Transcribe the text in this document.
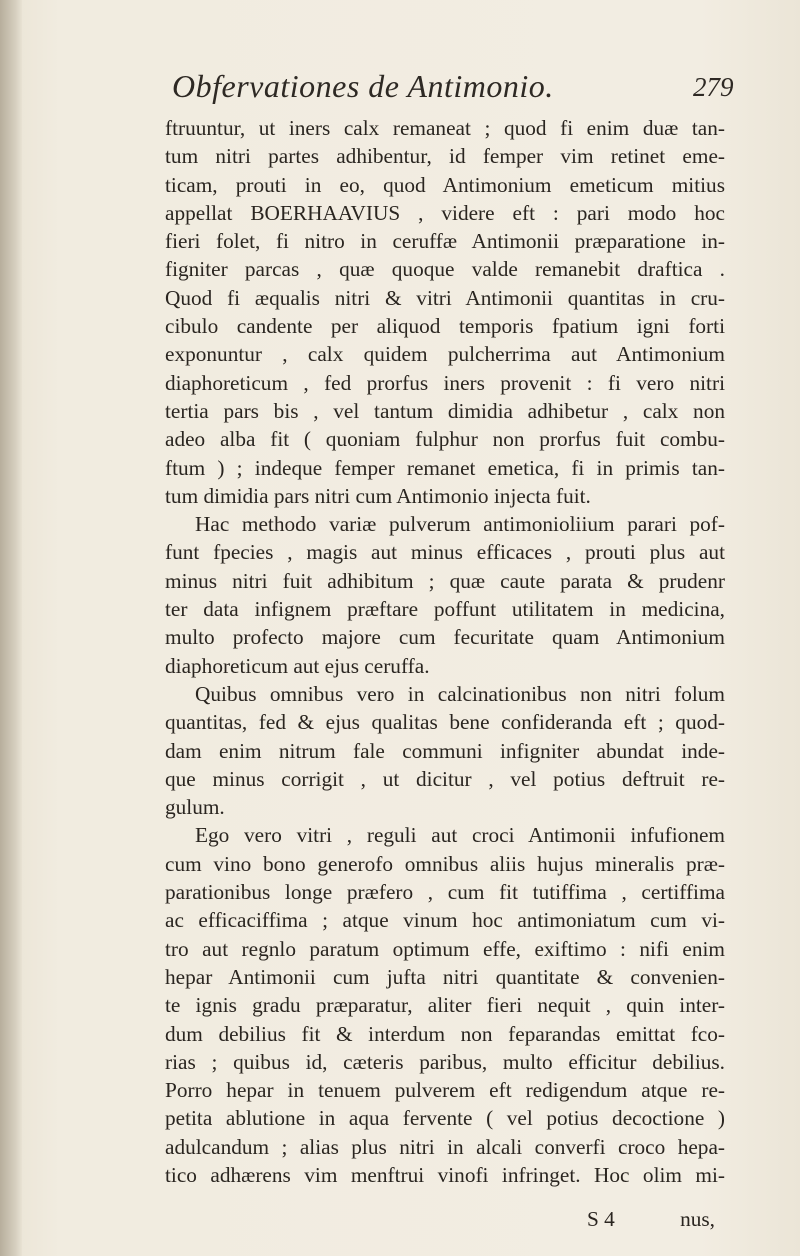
Obfervationes de Antimonio.	279
ftruuntur, ut iners calx remaneat ; quod fi enim duæ tan-
tum nitri partes adhibentur, id femper vim retinet eme-
ticam, prouti in eo, quod Antimonium emeticum mitius
appellat BOERHAAVIUS , videre eft : pari modo hoc
fieri folet, fi nitro in ceruffæ Antimonii præparatione in-
figniter parcas , quæ quoque valde remanebit draftica .
Quod fi æqualis nitri & vitri Antimonii quantitas in cru-
cibulo candente per aliquod temporis fpatium igni forti
exponuntur , calx quidem pulcherrima aut Antimonium
diaphoreticum , fed prorfus iners provenit : fi vero nitri
tertia pars bis , vel tantum dimidia adhibetur , calx non
adeo alba fit ( quoniam fulphur non prorfus fuit combu-
ftum ) ; indeque femper remanet emetica, fi in primis tan-
tum dimidia pars nitri cum Antimonio injecta fuit.
Hac methodo variæ pulverum antimonioliium parari pof-
funt fpecies , magis aut minus efficaces , prouti plus aut
minus nitri fuit adhibitum ; quæ caute parata & prudenr
ter data infignem præftare poffunt utilitatem in medicina,
multo profecto majore cum fecuritate quam Antimonium
diaphoreticum aut ejus ceruffa.
Quibus omnibus vero in calcinationibus non nitri folum
quantitas, fed & ejus qualitas bene confideranda eft ; quod-
dam enim nitrum fale communi infigniter abundat inde-
que minus corrigit , ut dicitur , vel potius deftruit re-
gulum.
Ego vero vitri , reguli aut croci Antimonii infufionem
cum vino bono generofo omnibus aliis hujus mineralis præ-
parationibus longe præfero , cum fit tutiffima , certiffima
ac efficaciffima ; atque vinum hoc antimoniatum cum vi-
tro aut regnlo paratum optimum effe, exiftimo : nifi enim
hepar Antimonii cum jufta nitri quantitate & convenien-
te ignis gradu præparatur, aliter fieri nequit , quin inter-
dum debilius fit & interdum non feparandas emittat fco-
rias ; quibus id, cæteris paribus, multo efficitur debilius.
Porro hepar in tenuem pulverem eft redigendum atque re-
petita ablutione in aqua fervente ( vel potius decoctione )
adulcandum ; alias plus nitri in alcali converfi croco hepa-
tico adhærens vim menftrui vinofi infringet. Hoc olim mi-
S 4	nus,
